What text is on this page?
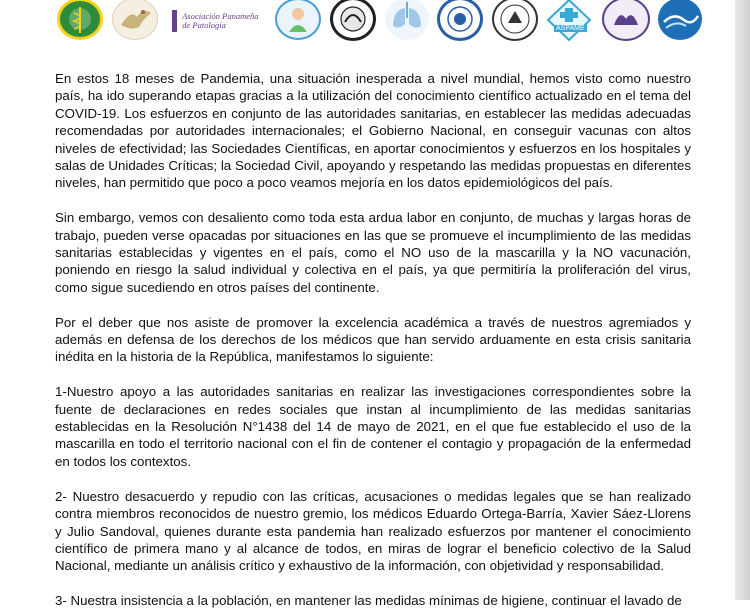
Asociación Panameña de Patología	ASPAME

En estos 18 meses de Pandemia, una situación inesperada a nivel mundial, hemos visto como nuestro país, ha ido superando etapas gracias a la utilización del conocimiento científico actualizado en el tema del COVID-19. Los esfuerzos en conjunto de las autoridades sanitarias, en establecer las medidas adecuadas recomendadas por autoridades internacionales; el Gobierno Nacional, en conseguir vacunas con altos niveles de efectividad; las Sociedades Científicas, en aportar conocimientos y esfuerzos en los hospitales y salas de Unidades Críticas; la Sociedad Civil, apoyando y respetando las medidas propuestas en diferentes niveles, han permitido que poco a poco veamos mejoría en los datos epidemiológicos del país.

Sin embargo, vemos con desaliento como toda esta ardua labor en conjunto, de muchas y largas horas de trabajo, pueden verse opacadas por situaciones en las que se promueve el incumplimiento de las medidas sanitarias establecidas y vigentes en el país, como el NO uso de la mascarilla y la NO vacunación, poniendo en riesgo la salud individual y colectiva en el país, ya que permitiría la proliferación del virus, como sigue sucediendo en otros países del continente.

Por el deber que nos asiste de promover la excelencia académica a través de nuestros agremiados y además en defensa de los derechos de los médicos que han servido arduamente en esta crisis sanitaria inédita en la historia de la República, manifestamos lo siguiente:

1-Nuestro apoyo a las autoridades sanitarias en realizar las investigaciones correspondientes sobre la fuente de declaraciones en redes sociales que instan al incumplimiento de las medidas sanitarias establecidas en la Resolución N°1438 del 14 de mayo de 2021, en el que fue establecido el uso de la mascarilla en todo el territorio nacional con el fin de contener el contagio y propagación de la enfermedad en todos los contextos.

2- Nuestro desacuerdo y repudio con las críticas, acusaciones o medidas legales que se han realizado contra miembros reconocidos de nuestro gremio, los médicos Eduardo Ortega-Barría, Xavier Sáez-Llorens y Julio Sandoval, quienes durante esta pandemia han realizado esfuerzos por mantener el conocimiento científico de primera mano y al alcance de todos, en miras de lograr el beneficio colectivo de la Salud Nacional, mediante un análisis crítico y exhaustivo de la información, con objetividad y responsabilidad.

3- Nuestra insistencia a la población, en mantener las medidas mínimas de higiene, continuar el lavado de
